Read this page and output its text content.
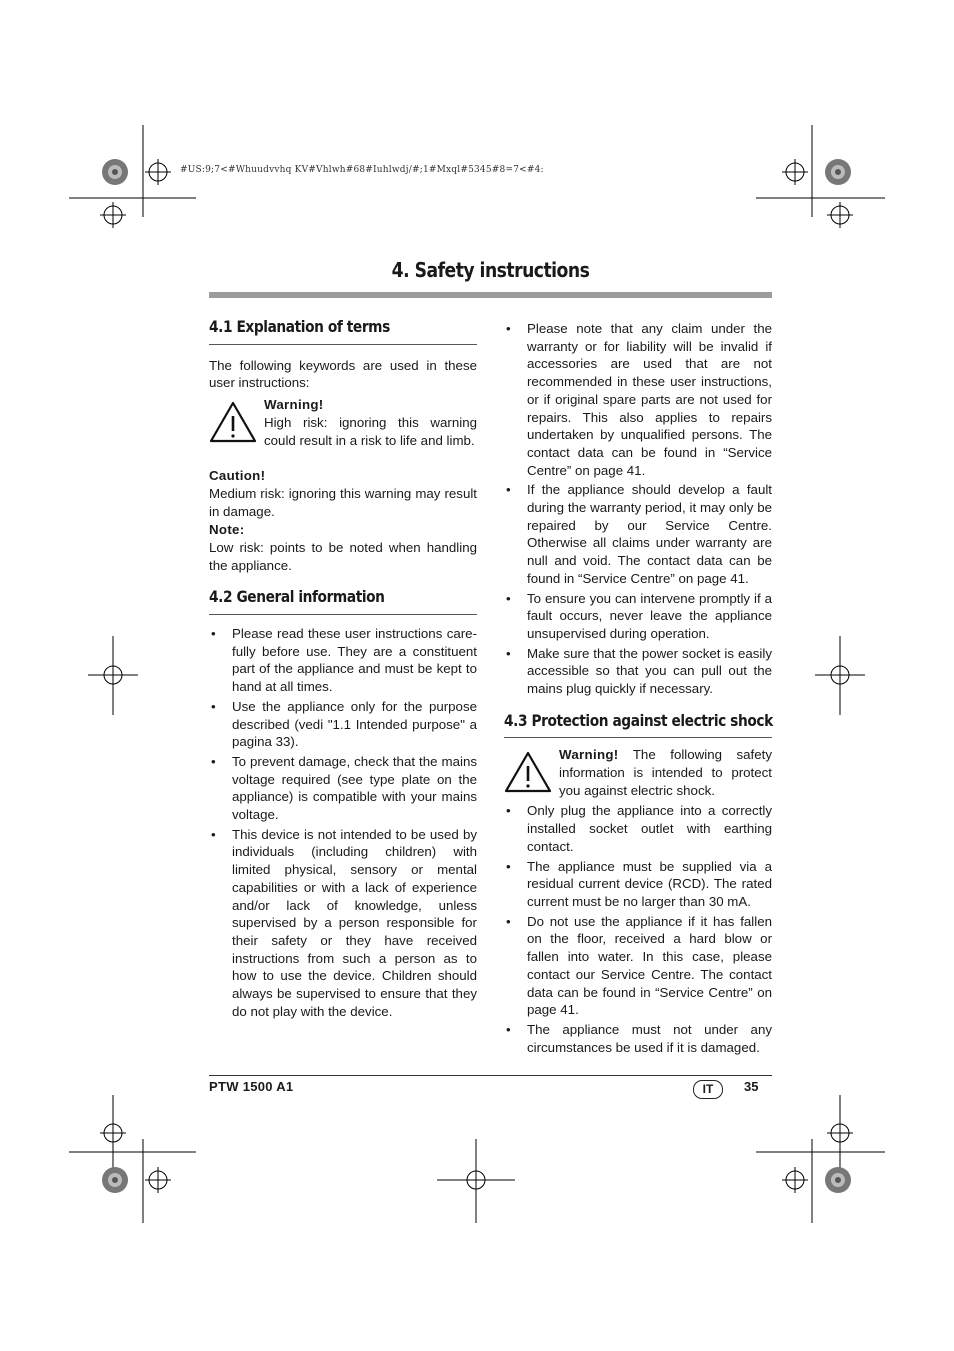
#US:9;7<#Whuudvvhq KV#Vhlwh#68#Iuhlwdj/#;1#Mxql#5345#8=7<#4:
4. Safety instructions
4.1 Explanation of terms

The following keywords are used in these user instructions:

Warning!

High risk: ignoring this warning could result in a risk to life and limb.

Caution!

Medium risk: ignoring this warning may result in damage.

Note:

Low risk: points to be noted when handling the appliance.

4.2 General information
• Please read these user instructions care-fully before use. They are a constituent part of the appliance and must be kept to hand at all times.
• Use the appliance only for the purpose described (vedi "1.1 Intended purpose" a pagina 33).
• To prevent damage, check that the mains voltage required (see type plate on the appliance) is compatible with your mains voltage.
• This device is not intended to be used by individuals (including children) with limited physical, sensory or mental capabilities or with a lack of experience and/or lack of knowledge, unless supervised by a person responsible for their safety or they have received instructions from such a person as to how to use the device. Children should always be supervised to ensure that they do not play with the device.
• Please note that any claim under the warranty or for liability will be invalid if accessories are used that are not recommended in these user instructions, or if original spare parts are not used for repairs. This also applies to repairs undertaken by unqualified persons. The contact data can be found in “Service Centre” on page 41.
• If the appliance should develop a fault during the warranty period, it may only be repaired by our Service Centre. Otherwise all claims under warranty are null and void. The contact data can be found in “Service Centre” on page 41.
• To ensure you can intervene promptly if a fault occurs, never leave the appliance unsupervised during operation.
• Make sure that the power socket is easily accessible so that you can pull out the mains plug quickly if necessary.
4.3 Protection against electric shock

Warning! The following safety information is intended to protect you against electric shock.

• Only plug the appliance into a correctly installed socket outlet with earthing contact.
• The appliance must be supplied via a residual current device (RCD). The rated current must be no larger than 30 mA.
• Do not use the appliance if it has fallen on the floor, received a hard blow or fallen into water. In this case, please contact our Service Centre. The contact data can be found in “Service Centre” on page 41.
• The appliance must not under any circumstances be used if it is damaged.
PTW 1500 A1	IT	35
